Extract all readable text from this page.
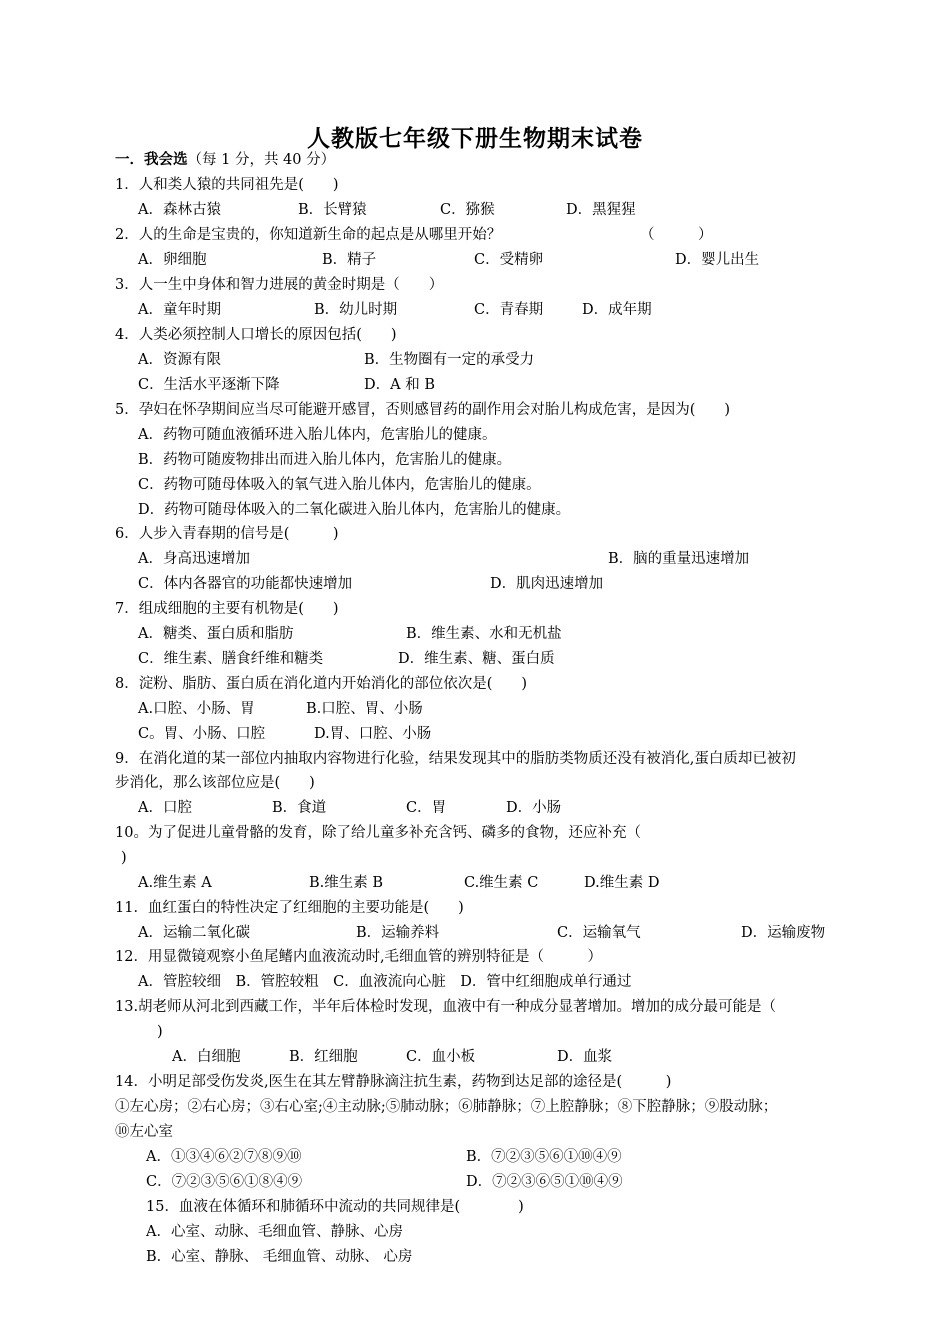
人教版七年级下册生物期末试卷
一．我会选（每 1 分，共 40 分）
1．人和类人猿的共同祖先是(　　)
A．森林古猿	B．长臂猿	C．猕猴	D．黑猩猩
2．人的生命是宝贵的，你知道新生命的起点是从哪里开始？	（　　　）
A．卵细胞	B．精子	C．受精卵	D．婴儿出生
3．人一生中身体和智力进展的黄金时期是（　　）
A．童年时期	B．幼儿时期	C．青春期	D．成年期
4．人类必须控制人口增长的原因包括(　　)
A．资源有限	B．生物圈有一定的承受力
C．生活水平逐渐下降	D．A 和 B
5．孕妇在怀孕期间应当尽可能避开感冒，否则感冒药的副作用会对胎儿构成危害，是因为(　　)
A．药物可随血液循环进入胎儿体内，危害胎儿的健康。
B．药物可随废物排出而进入胎儿体内，危害胎儿的健康。
C．药物可随母体吸入的氧气进入胎儿体内，危害胎儿的健康。
D．药物可随母体吸入的二氧化碳进入胎儿体内，危害胎儿的健康。
6．人步入青春期的信号是(　　　)
A．身高迅速增加	B．脑的重量迅速增加
C．体内各器官的功能都快速增加	D．肌肉迅速增加
7．组成细胞的主要有机物是(　　)
A．糖类、蛋白质和脂肪	B．维生素、水和无机盐
C．维生素、膳食纤维和糖类	D．维生素、糖、蛋白质
8．淀粉、脂肪、蛋白质在消化道内开始消化的部位依次是(　　)
A.口腔、小肠、胃	B.口腔、胃、小肠
C。胃、小肠、口腔	D.胃、口腔、小肠
9．在消化道的某一部位内抽取内容物进行化验，结果发现其中的脂肪类物质还没有被消化,蛋白质却已被初
步消化，那么该部位应是(　　)
A．口腔	B．食道	C．胃	D．小肠
10。为了促进儿童骨骼的发育，除了给儿童多补充含钙、磷多的食物，还应补充（
)
A.维生素 A	B.维生素 B	C.维生素 C	D.维生素 D
11．血红蛋白的特性决定了红细胞的主要功能是(　　)
A．运输二氧化碳	B．运输养料	C．运输氧气	D．运输废物
12．用显微镜观察小鱼尾鳍内血液流动时,毛细血管的辨别特征是（　　　）
A．管腔较细　B．管腔较粗　C．血液流向心脏　D．管中红细胞成单行通过
13.胡老师从河北到西藏工作，半年后体检时发现，血液中有一种成分显著增加。增加的成分最可能是（
)
A．白细胞	B．红细胞	C．血小板	D．血浆
14．小明足部受伤发炎,医生在其左臂静脉滴注抗生素，药物到达足部的途径是(　　　)
①左心房；②右心房；③右心室;④主动脉;⑤肺动脉；⑥肺静脉；⑦上腔静脉；⑧下腔静脉；⑨股动脉；
⑩左心室
A．①③④⑥②⑦⑧⑨⑩	B．⑦②③⑤⑥①⑩④⑨
C．⑦②③⑤⑥①⑧④⑨	D．⑦②③⑥⑤①⑩④⑨
15．血液在体循环和肺循环中流动的共同规律是(　　　　)
A．心室、动脉、毛细血管、静脉、心房
B．心室、静脉、 毛细血管、动脉、 心房
